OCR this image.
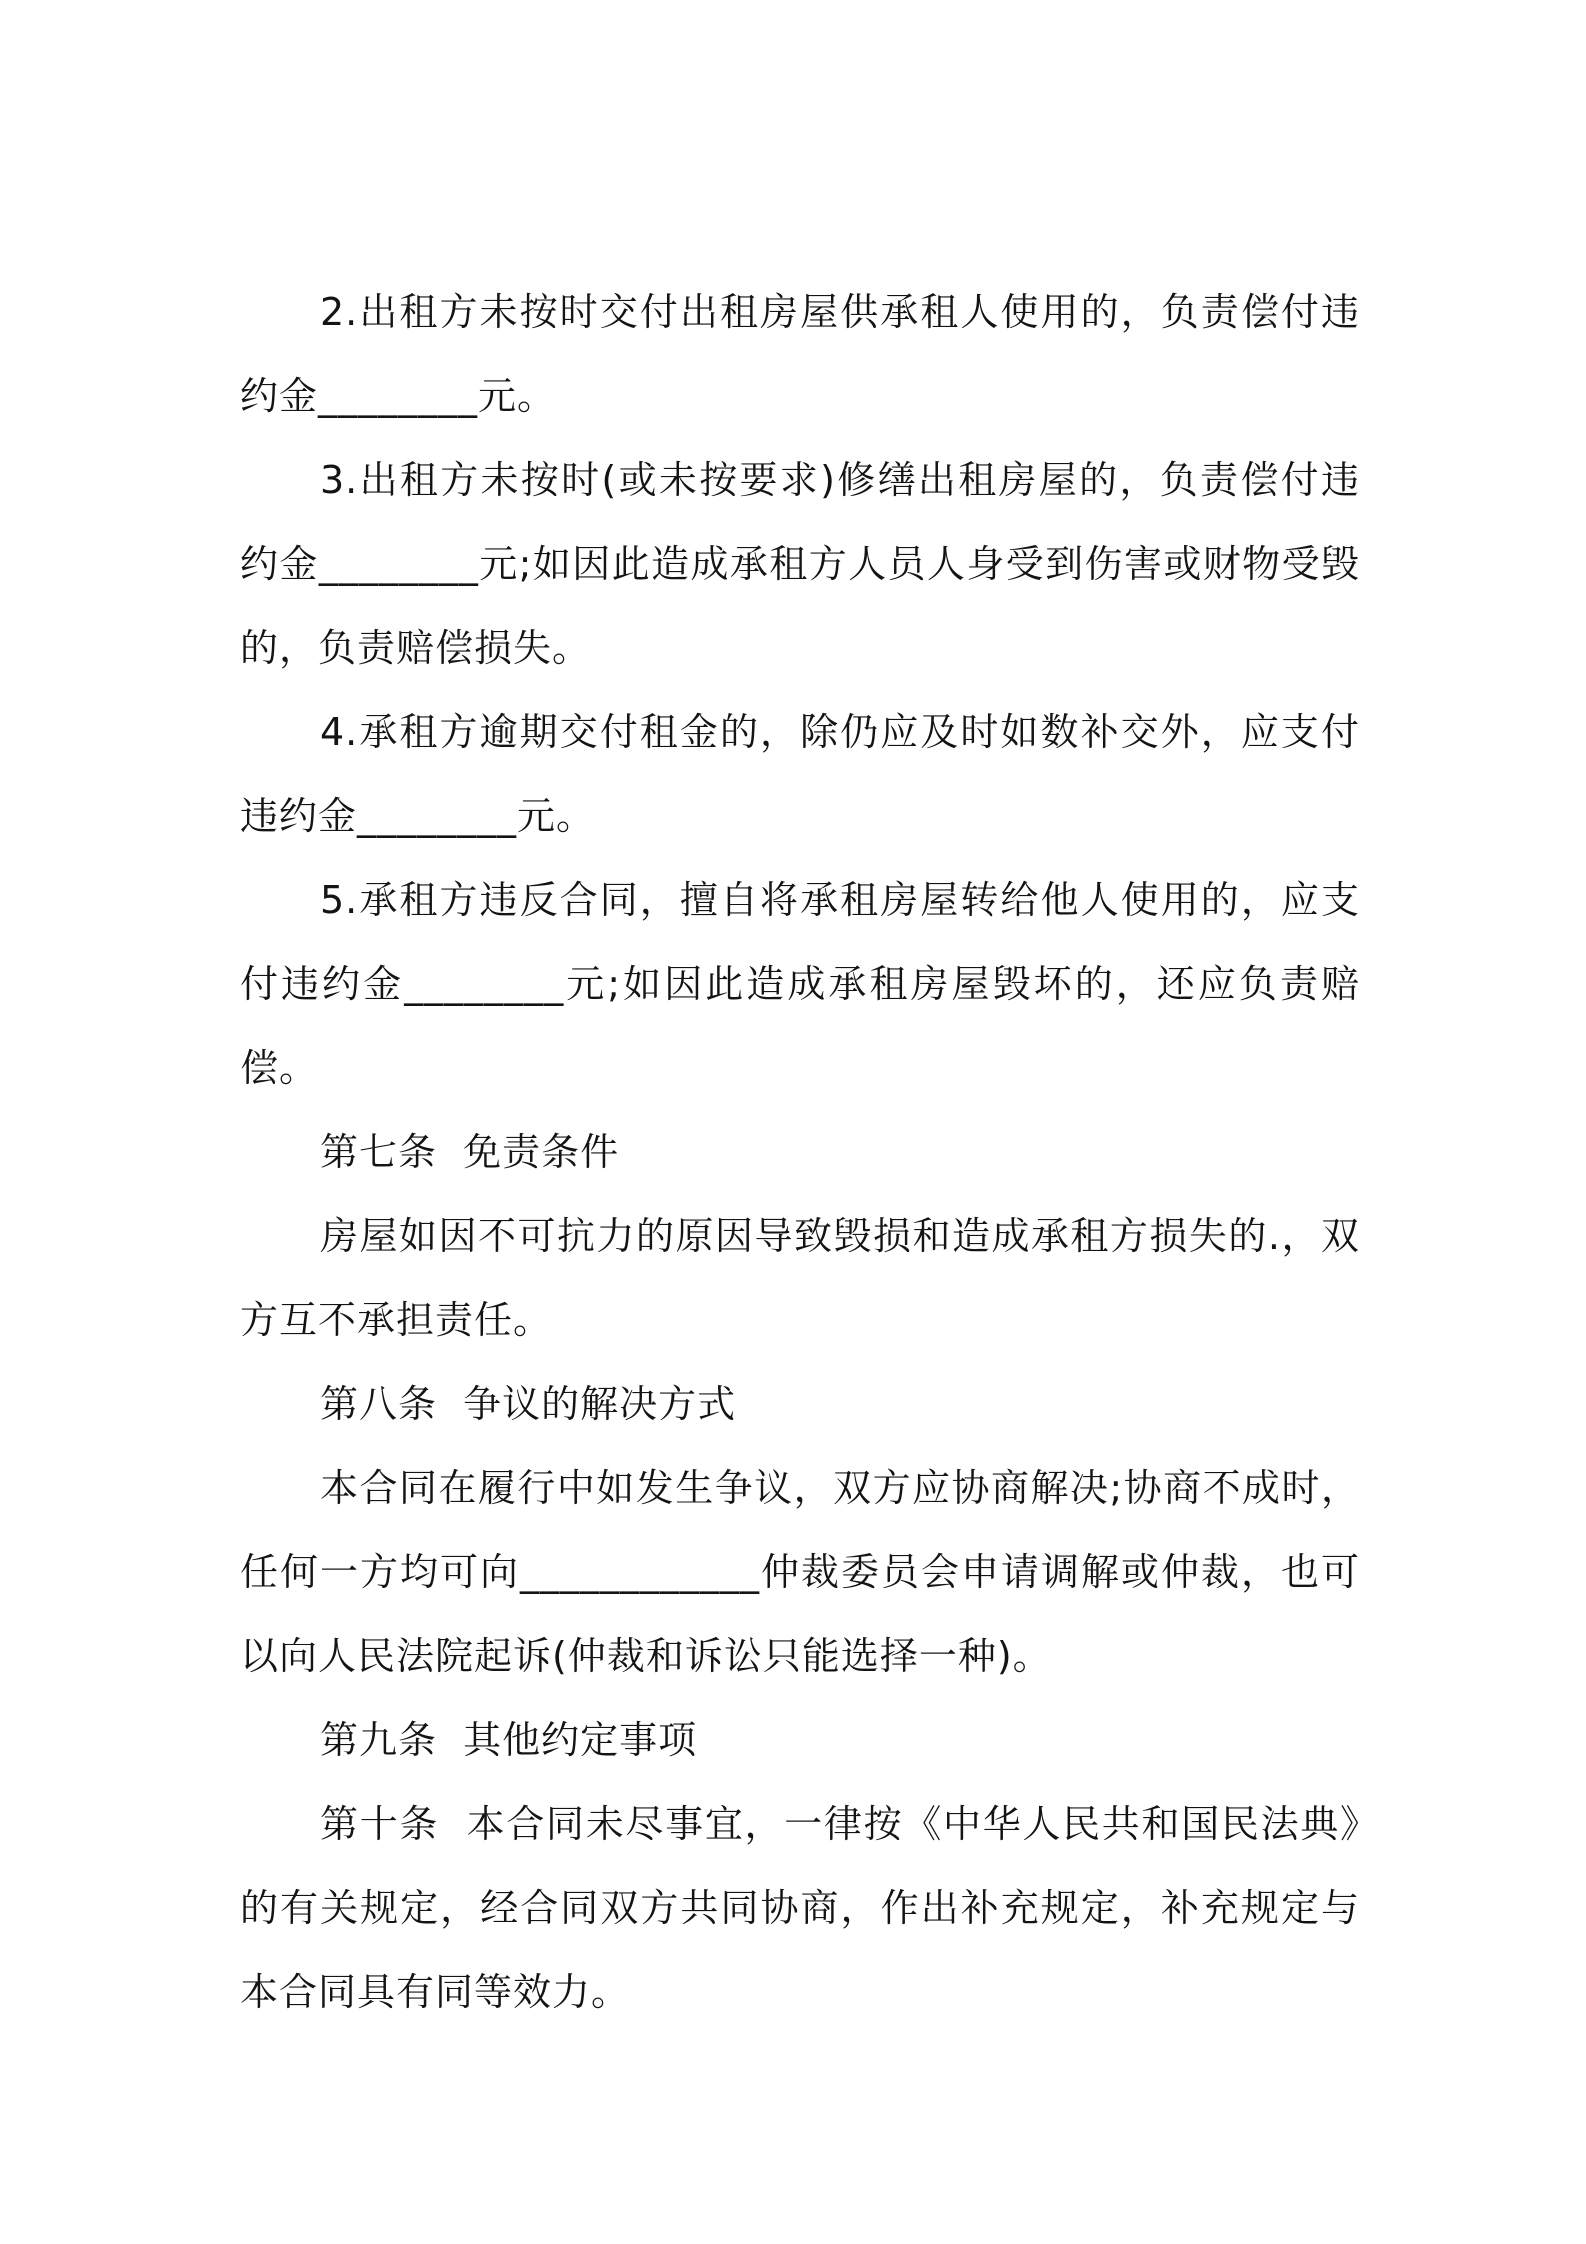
2.出租方未按时交付出租房屋供承租人使用的，负责偿付违约金________元。

3.出租方未按时(或未按要求)修缮出租房屋的，负责偿付违约金________元;如因此造成承租方人员人身受到伤害或财物受毁的，负责赔偿损失。

4.承租方逾期交付租金的，除仍应及时如数补交外，应支付违约金________元。

5.承租方违反合同，擅自将承租房屋转给他人使用的，应支付违约金________元;如因此造成承租房屋毁坏的，还应负责赔偿。

第七条  免责条件

房屋如因不可抗力的原因导致毁损和造成承租方损失的.，双方互不承担责任。

第八条  争议的解决方式

本合同在履行中如发生争议，双方应协商解决;协商不成时，任何一方均可向____________仲裁委员会申请调解或仲裁，也可以向人民法院起诉(仲裁和诉讼只能选择一种)。

第九条  其他约定事项

第十条  本合同未尽事宜，一律按《中华人民共和国民法典》的有关规定，经合同双方共同协商，作出补充规定，补充规定与本合同具有同等效力。
